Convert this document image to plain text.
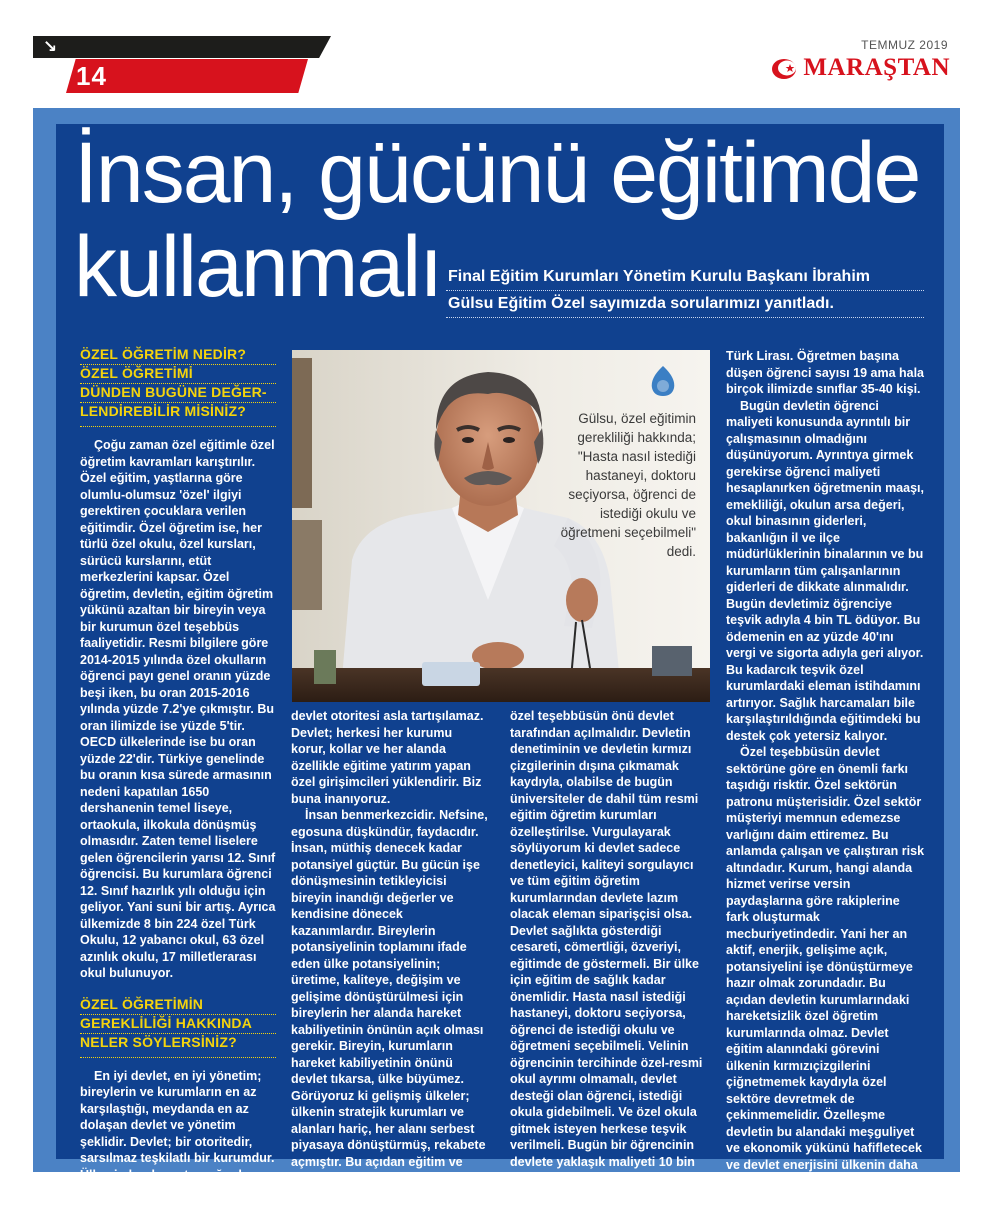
↘
14
TEMMUZ 2019
MARAŞTAN
İnsan, gücünü eğitimde
kullanmalı Final Eğitim Kurumları Yönetim Kurulu Başkanı İbrahim
Gülsu Eğitim Özel sayımızda sorularımızı yanıtladı.
Gülsu, özel eğitimin gerekliliği hakkında; "Hasta nasıl istediği hastaneyi, doktoru seçiyorsa, öğrenci de istediği okulu ve öğretmeni seçebilmeli" dedi.
ÖZEL ÖĞRETİM NEDİR?
ÖZEL ÖĞRETİMİ
DÜNDEN BUGÜNE DEĞER-
LENDİREBİLİR MİSİNİZ?

Çoğu zaman özel eğitimle özel öğretim kavramları karıştırılır. Özel eğitim, yaştlarına göre olumlu-olumsuz 'özel' ilgiyi gerektiren çocuklara verilen eğitimdir. Özel öğretim ise, her türlü özel okulu, özel kursları, sürücü kurslarını, etüt merkezlerini kapsar. Özel öğretim, devletin, eğitim öğretim yükünü azaltan bir bireyin veya bir kurumun özel teşebbüs faaliyetidir. Resmi bilgilere göre 2014-2015 yılında özel okulların öğrenci payı genel oranın yüzde beşi iken, bu oran 2015-2016 yılında yüzde 7.2'ye çıkmıştır. Bu oran ilimizde ise yüzde 5'tir. OECD ülkelerinde ise bu oran yüzde 22'dir. Türkiye genelinde bu oranın kısa sürede armasının nedeni kapatılan 1650 dershanenin temel liseye, ortaokula, ilkokula dönüşmüş olmasıdır. Zaten temel liselere gelen öğrencilerin yarısı 12. Sınıf öğrencisi. Bu kurumlara öğrenci 12. Sınıf hazırlık yılı olduğu için geliyor. Yani suni bir artış. Ayrıca ülkemizde 8 bin 224 özel Türk Okulu, 12 yabancı okul, 63 özel azınlık okulu, 17 milletlerarası okul bulunuyor.

ÖZEL ÖĞRETİMİN
GEREKLİLİĞİ HAKKINDA
NELER SÖYLERSİNİZ?

En iyi devlet, en iyi yönetim; bireylerin ve kurumların en az karşılaştığı, meydanda en az dolaşan devlet ve yönetim şeklidir. Devlet; bir otoritedir, sarsılmaz teşkilatlı bir kurumdur. Ülkenin her karış toprağında ve ülkenin tüm kurumlarının üzerindeki

devlet otoritesi asla tartışılamaz. Devlet; herkesi her kurumu korur, kollar ve her alanda özellikle eğitime yatırım yapan özel girişimcileri yüklendirir. Biz buna inanıyoruz.

İnsan benmerkezcidir. Nefsine, egosuna düşkündür, faydacıdır. İnsan, müthiş denecek kadar potansiyel güçtür. Bu gücün işe dönüşmesinin tetikleyicisi bireyin inandığı değerler ve kendisine dönecek kazanımlardır. Bireylerin potansiyelinin toplamını ifade eden ülke potansiyelinin; üretime, kaliteye, değişim ve gelişime dönüştürülmesi için bireylerin her alanda hareket kabiliyetinin önünün açık olması gerekir. Bireyin, kurumların hareket kabiliyetinin önünü devlet tıkarsa, ülke büyümez. Görüyoruz ki gelişmiş ülkeler; ülkenin stratejik kurumları ve alanları hariç, her alanı serbest piyasaya dönüştürmüş, rekabete açmıştır. Bu açıdan eğitim ve öğretimde

özel teşebbüsün önü devlet tarafından açılmalıdır. Devletin denetiminin ve devletin kırmızı çizgilerinin dışına çıkmamak kaydıyla, olabilse de bugün üniversiteler de dahil tüm resmi eğitim öğretim kurumları özelleştirilse. Vurgulayarak söylüyorum ki devlet sadece denetleyici, kaliteyi sorgulayıcı ve tüm eğitim öğretim kurumlarından devlete lazım olacak eleman siparişçisi olsa. Devlet sağlıkta gösterdiği cesareti, cömertliği, özveriyi, eğitimde de göstermeli. Bir ülke için eğitim de sağlık kadar önemlidir. Hasta nasıl istediği hastaneyi, doktoru seçiyorsa, öğrenci de istediği okulu ve öğretmeni seçebilmeli. Velinin öğrencinin tercihinde özel-resmi okul ayrımı olmamalı, devlet desteği olan öğrenci, istediği okula gidebilmeli. Ve özel okula gitmek isteyen herkese teşvik verilmeli. Bugün bir öğrencinin devlete yaklaşık maliyeti 10 bin

Türk Lirası. Öğretmen başına düşen öğrenci sayısı 19 ama hala birçok ilimizde sınıflar 35-40 kişi.

Bugün devletin öğrenci maliyeti konusunda ayrıntılı bir çalışmasının olmadığını düşünüyorum. Ayrıntıya girmek gerekirse öğrenci maliyeti hesaplanırken öğretmenin maaşı, emekliliği, okulun arsa değeri, okul binasının giderleri, bakanlığın il ve ilçe müdürlüklerinin binalarının ve bu kurumların tüm çalışanlarının giderleri de dikkate alınmalıdır. Bugün devletimiz öğrenciye teşvik adıyla 4 bin TL ödüyor. Bu ödemenin en az yüzde 40'ını vergi ve sigorta adıyla geri alıyor. Bu kadarcık teşvik özel kurumlardaki eleman istihdamını artırıyor. Sağlık harcamaları bile karşılaştırıldığında eğitimdeki bu destek çok yetersiz kalıyor.

Özel teşebbüsün devlet sektörüne göre en önemli farkı taşıdığı risktir. Özel sektörün patronu müşterisidir. Özel sektör müşteriyi memnun edemezse varlığını daim ettiremez. Bu anlamda çalışan ve çalıştıran risk altındadır. Kurum, hangi alanda hizmet verirse versin paydaşlarına göre rakiplerine fark oluşturmak mecburiyetindedir. Yani her an aktif, enerjik, gelişime açık, potansiyelini işe dönüştürmeye hazır olmak zorundadır. Bu açıdan devletin kurumlarındaki hareketsizlik özel öğretim kurumlarında olmaz. Devlet eğitim alanındaki görevini ülkenin kırmızıçizgilerini çiğnetmemek kaydıyla özel sektöre devretmek de çekinmemelidir. Özelleşme devletin bu alandaki meşguliyet ve ekonomik yükünü hafifletecek ve devlet enerjisini ülkenin daha stratejik işlerine yöneltecektir.
